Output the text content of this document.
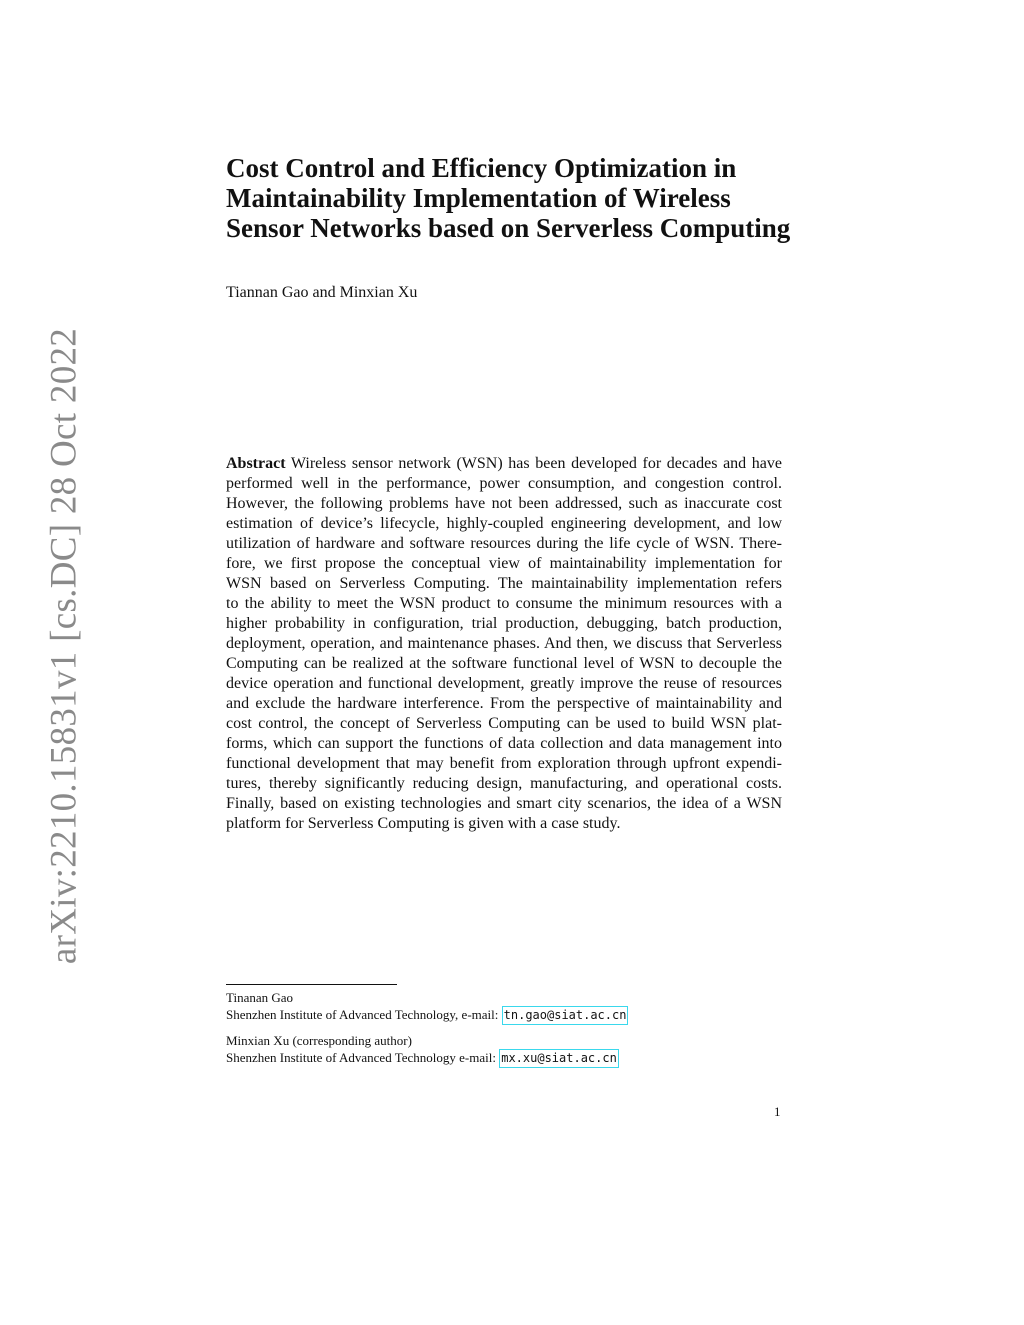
arXiv:2210.15831v1 [cs.DC] 28 Oct 2022
Cost Control and Efficiency Optimization in
Maintainability Implementation of Wireless
Sensor Networks based on Serverless Computing
Tiannan Gao and Minxian Xu
Abstract Wireless sensor network (WSN) has been developed for decades and have
performed well in the performance, power consumption, and congestion control.
However, the following problems have not been addressed, such as inaccurate cost
estimation of device’s lifecycle, highly-coupled engineering development, and low
utilization of hardware and software resources during the life cycle of WSN. There-
fore, we first propose the conceptual view of maintainability implementation for
WSN based on Serverless Computing. The maintainability implementation refers
to the ability to meet the WSN product to consume the minimum resources with a
higher probability in configuration, trial production, debugging, batch production,
deployment, operation, and maintenance phases. And then, we discuss that Serverless
Computing can be realized at the software functional level of WSN to decouple the
device operation and functional development, greatly improve the reuse of resources
and exclude the hardware interference. From the perspective of maintainability and
cost control, the concept of Serverless Computing can be used to build WSN plat-
forms, which can support the functions of data collection and data management into
functional development that may benefit from exploration through upfront expendi-
tures, thereby significantly reducing design, manufacturing, and operational costs.
Finally, based on existing technologies and smart city scenarios, the idea of a WSN
platform for Serverless Computing is given with a case study.
Tinanan Gao
Shenzhen Institute of Advanced Technology, e-mail: tn.gao@siat.ac.cn
Minxian Xu (corresponding author)
Shenzhen Institute of Advanced Technology e-mail: mx.xu@siat.ac.cn
1
